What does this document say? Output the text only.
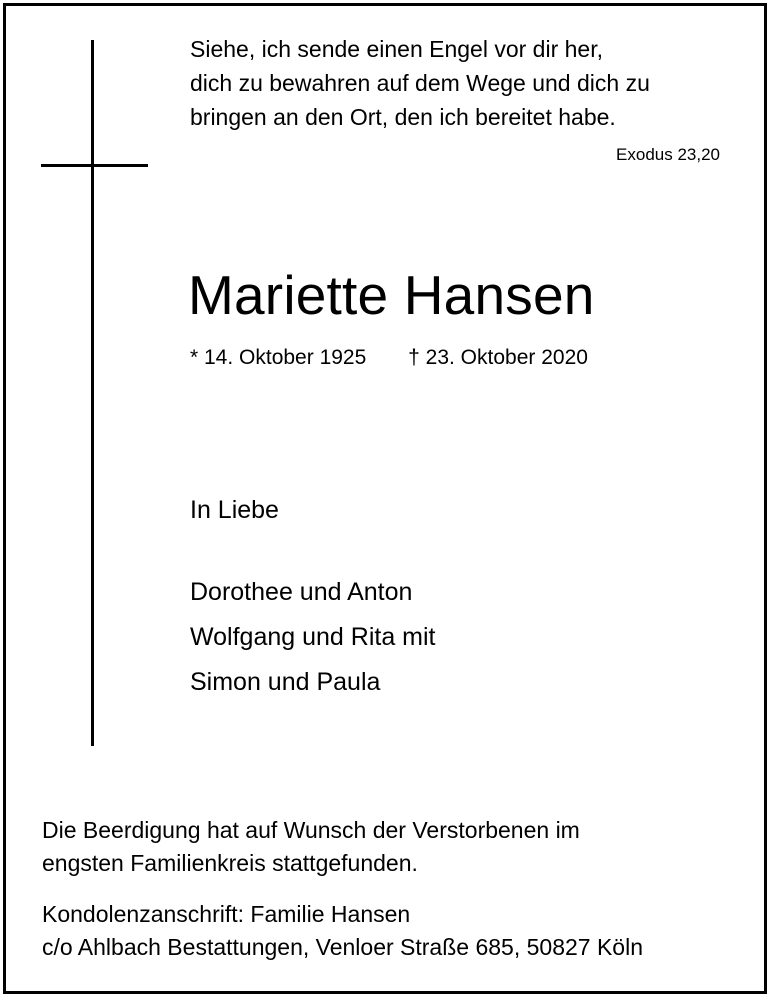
Siehe, ich sende einen Engel vor dir her,
dich zu bewahren auf dem Wege und dich zu
bringen an den Ort, den ich bereitet habe.
Exodus 23,20
Mariette Hansen
* 14. Oktober 1925 † 23. Oktober 2020
In Liebe
Dorothee und Anton
Wolfgang und Rita mit
Simon und Paula
Die Beerdigung hat auf Wunsch der Verstorbenen im
engsten Familienkreis stattgefunden.
Kondolenzanschrift: Familie Hansen
c/o Ahlbach Bestattungen, Venloer Straße 685, 50827 Köln
